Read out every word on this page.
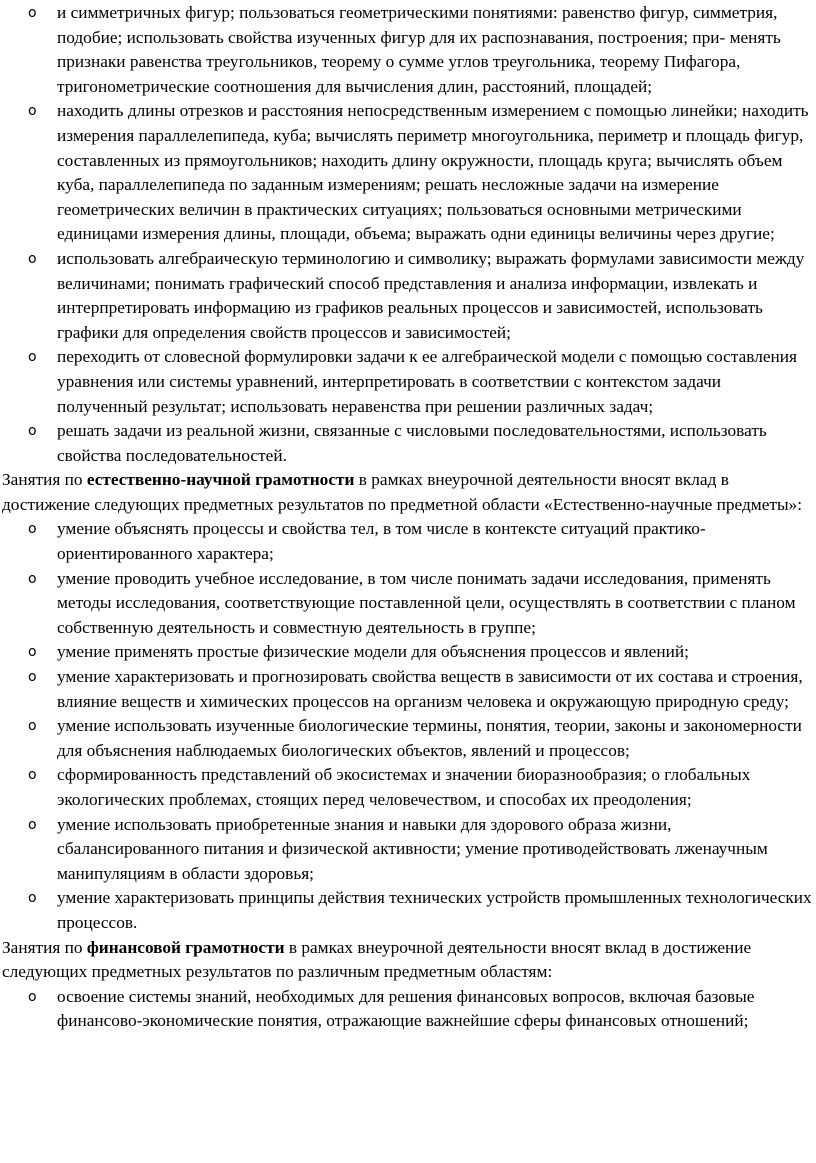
o и симметричных фигур; пользоваться геометрическими понятиями: равенство фигур, симметрия, подобие; использовать свойства изученных фигур для их распознавания, построения; при- менять признаки равенства треугольников, теорему о сумме углов треугольника, теорему Пифагора, тригонометрические соотношения для вычисления длин, расстояний, площадей;
o находить длины отрезков и расстояния непосредственным измерением с помощью линейки; находить измерения параллелепипеда, куба; вычислять периметр многоугольника, периметр и площадь фигур, составленных из прямоугольников; находить длину окружности, площадь круга; вычислять объем куба, параллелепипеда по заданным измерениям; решать несложные задачи на измерение геометрических величин в практических ситуациях; пользоваться основными метрическими единицами измерения длины, площади, объема; выражать одни единицы величины через другие;
o использовать алгебраическую терминологию и символику; выражать формулами зависимости между величинами; понимать графический способ представления и анализа информации, извлекать и интерпретировать информацию из графиков реальных процессов и зависимостей, использовать графики для определения свойств процессов и зависимостей;
o переходить от словесной формулировки задачи к ее алгебраической модели с помощью составления уравнения или системы уравнений, интерпретировать в соответствии с контекстом задачи полученный результат; использовать неравенства при решении различных задач;
o решать задачи из реальной жизни, связанные с числовыми последовательностями, использовать свойства последовательностей.

Занятия по естественно-научной грамотности в рамках внеурочной деятельности вносят вклад в достижение следующих предметных результатов по предметной области «Естественно-научные предметы»:

o умение объяснять процессы и свойства тел, в том числе в контексте ситуаций практико-ориентированного характера;
o умение проводить учебное исследование, в том числе понимать задачи исследования, применять методы исследования, соответствующие поставленной цели, осуществлять в соответствии с планом собственную деятельность и совместную деятельность в группе;
o умение применять простые физические модели для объяснения процессов и явлений;
o умение характеризовать и прогнозировать свойства веществ в зависимости от их состава и строения, влияние веществ и химических процессов на организм человека и окружающую природную среду;
o умение использовать изученные биологические термины, понятия, теории, законы и закономерности для объяснения наблюдаемых биологических объектов, явлений и процессов;
o сформированность представлений об экосистемах и значении биоразнообразия; о глобальных экологических проблемах, стоящих перед человечеством, и способах их преодоления;
o умение использовать приобретенные знания и навыки для здорового образа жизни, сбалансированного питания и физической активности; умение противодействовать лженаучным манипуляциям в области здоровья;
o умение характеризовать принципы действия технических устройств промышленных технологических процессов.

Занятия по финансовой грамотности в рамках внеурочной деятельности вносят вклад в достижение следующих предметных результатов по различным предметным областям:

o освоение системы знаний, необходимых для решения финансовых вопросов, включая базовые финансово-экономические понятия, отражающие важнейшие сферы финансовых отношений;
